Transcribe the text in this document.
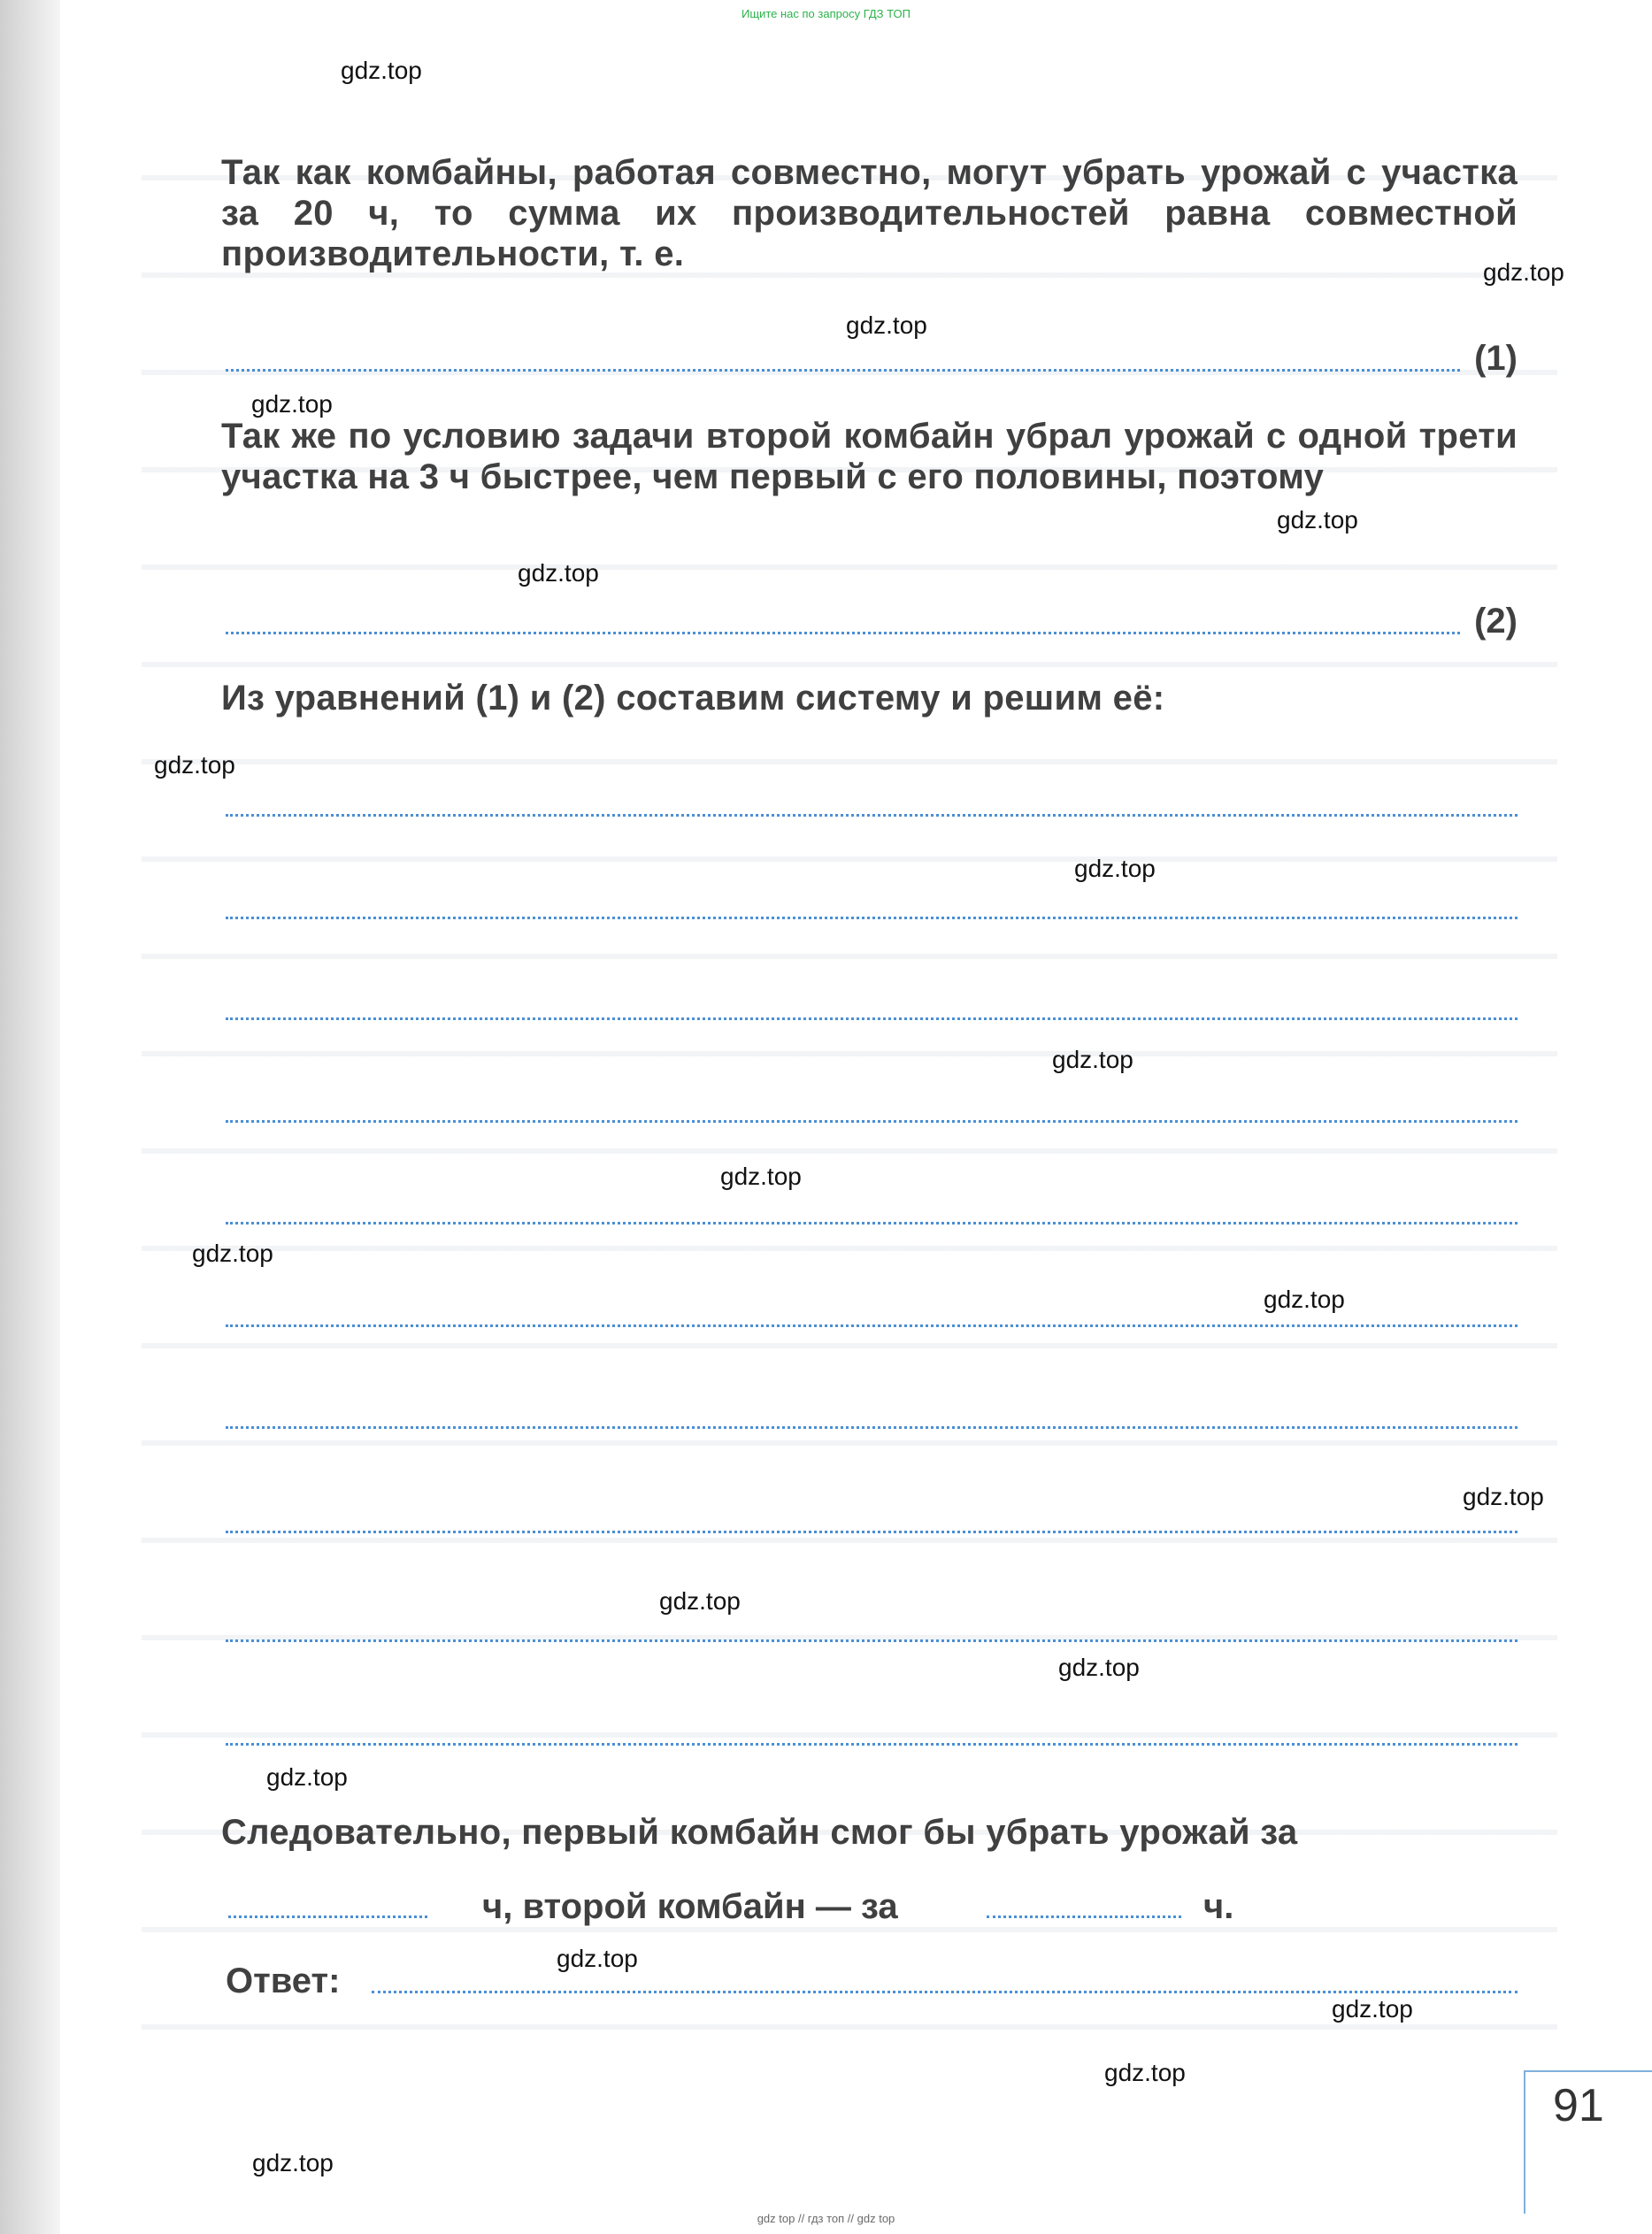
Ищите нас по запросу ГДЗ ТОП
Так как комбайны, работая совместно, могут убрать урожай с участка за 20 ч, то сумма их производительностей равна совместной производительности, т. е.
(1)
Так же по условию задачи второй комбайн убрал урожай с одной трети участка на 3 ч быстрее, чем первый с его половины, поэтому
(2)
Из уравнений (1) и (2) составим систему и решим её:
Следовательно, первый комбайн смог бы убрать урожай за
ч, второй комбайн — за	ч.
Ответ:
91
gdz.top
gdz.top
gdz.top
gdz.top
gdz.top
gdz.top
gdz.top
gdz.top
gdz.top
gdz.top
gdz.top
gdz.top
gdz.top
gdz.top
gdz.top
gdz.top
gdz.top
gdz.top
gdz.top
gdz.top
gdz top // гдз топ // gdz top
